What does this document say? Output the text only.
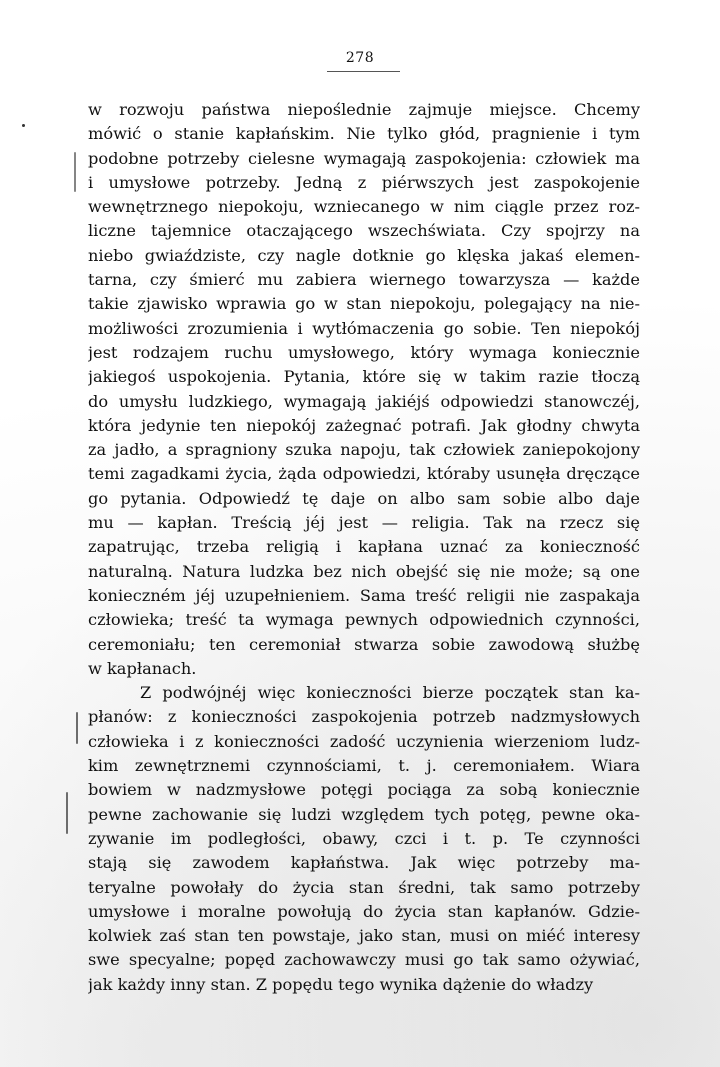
278
w rozwoju państwa niepoślednie zajmuje miejsce. Chcemy
mówić o stanie kapłańskim. Nie tylko głód, pragnienie i tym
podobne potrzeby cielesne wymagają zaspokojenia: człowiek ma
i umysłowe potrzeby. Jedną z piérwszych jest zaspokojenie
wewnętrznego niepokoju, wzniecanego w nim ciągle przez roz-
liczne tajemnice otaczającego wszechświata. Czy spojrzy na
niebo gwiaździste, czy nagle dotknie go klęska jakaś elemen-
tarna, czy śmierć mu zabiera wiernego towarzysza — każde
takie zjawisko wprawia go w stan niepokoju, polegający na nie-
możliwości zrozumienia i wytłómaczenia go sobie. Ten niepokój
jest rodzajem ruchu umysłowego, który wymaga koniecznie
jakiegoś uspokojenia. Pytania, które się w takim razie tłoczą
do umysłu ludzkiego, wymagają jakiéjś odpowiedzi stanowczéj,
która jedynie ten niepokój zażegnać potrafi. Jak głodny chwyta
za jadło, a spragniony szuka napoju, tak człowiek zaniepokojony
temi zagadkami życia, żąda odpowiedzi, któraby usunęła dręczące
go pytania. Odpowiedź tę daje on albo sam sobie albo daje
mu — kapłan. Treścią jéj jest — religia. Tak na rzecz się
zapatrując, trzeba religią i kapłana uznać za konieczność
naturalną. Natura ludzka bez nich obejść się nie może; są one
konieczném jéj uzupełnieniem. Sama treść religii nie zaspakaja
człowieka; treść ta wymaga pewnych odpowiednich czynności,
ceremoniału; ten ceremoniał stwarza sobie zawodową służbę
w kapłanach.
Z podwójnéj więc konieczności bierze początek stan ka-
płanów: z konieczności zaspokojenia potrzeb nadzmysłowych
człowieka i z konieczności zadość uczynienia wierzeniom ludz-
kim zewnętrznemi czynnościami, t. j. ceremoniałem. Wiara
bowiem w nadzmysłowe potęgi pociąga za sobą koniecznie
pewne zachowanie się ludzi względem tych potęg, pewne oka-
zywanie im podległości, obawy, czci i t. p. Te czynności
stają się zawodem kapłaństwa. Jak więc potrzeby ma-
teryalne powołały do życia stan średni, tak samo potrzeby
umysłowe i moralne powołują do życia stan kapłanów. Gdzie-
kolwiek zaś stan ten powstaje, jako stan, musi on miéć interesy
swe specyalne; popęd zachowawczy musi go tak samo ożywiać,
jak każdy inny stan. Z popędu tego wynika dążenie do władzy
